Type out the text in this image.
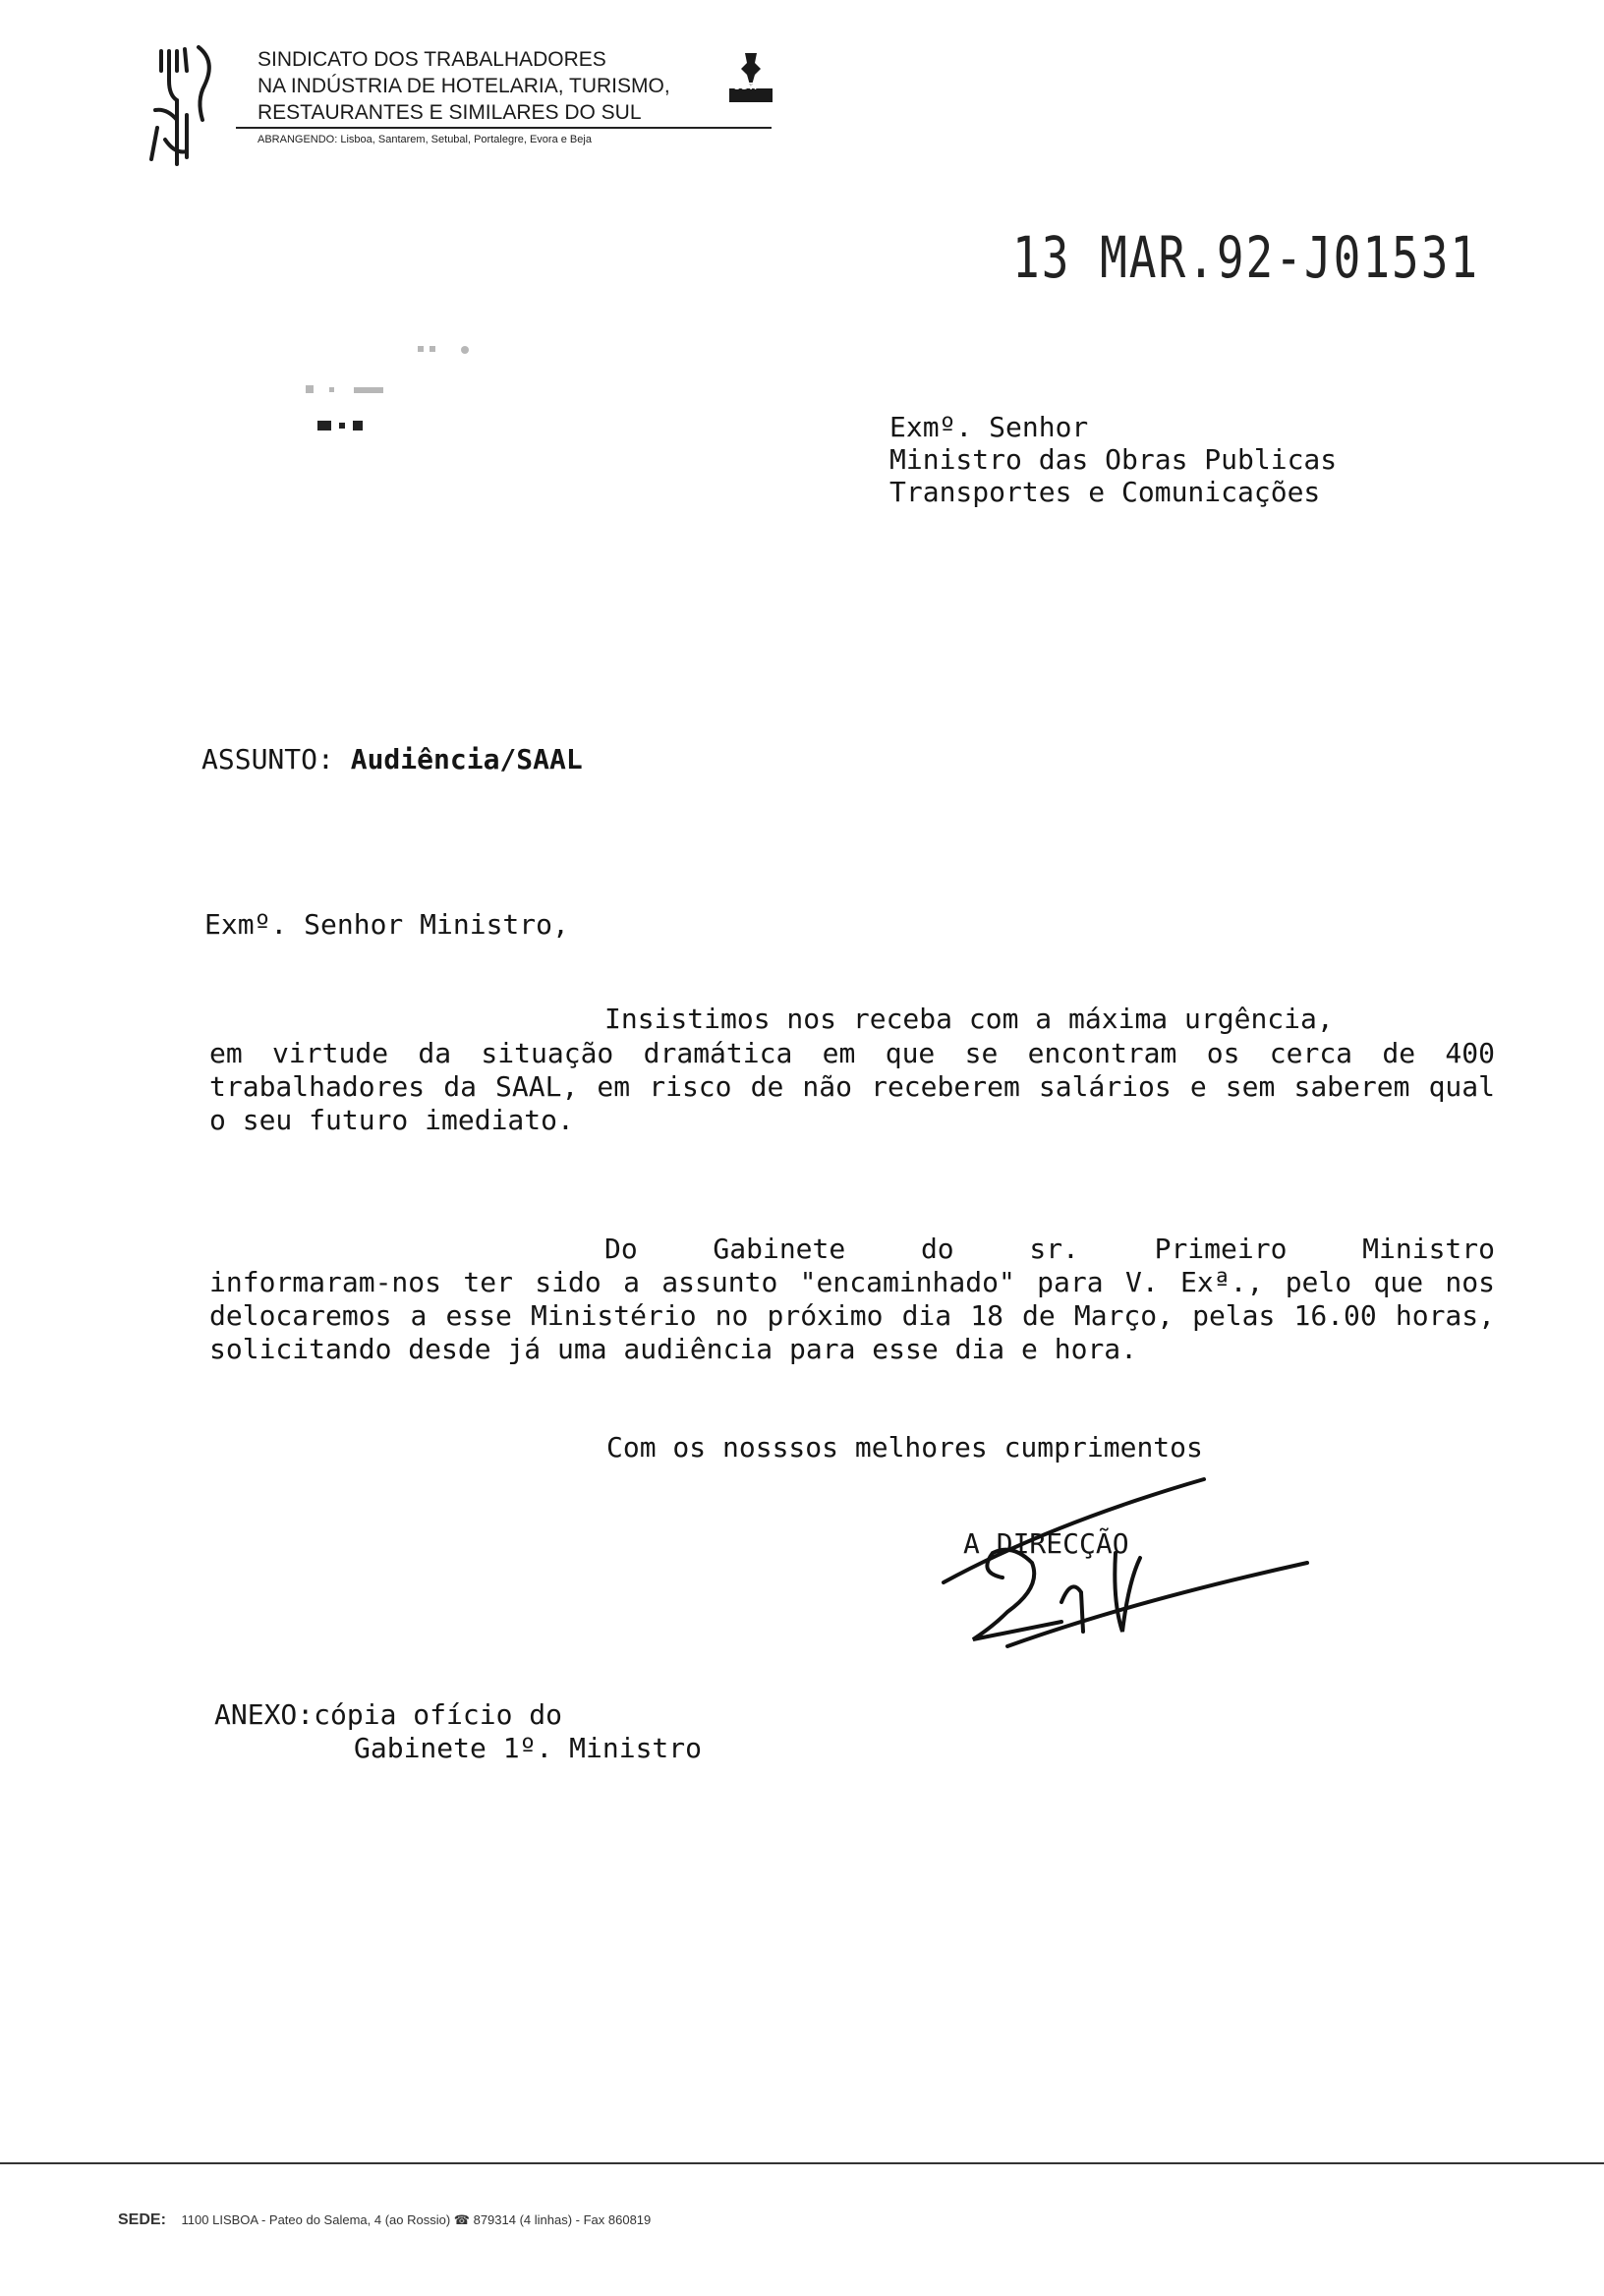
SINDICATO DOS TRABALHADORES
NA INDÚSTRIA DE HOTELARIA, TURISMO,
RESTAURANTES E SIMILARES DO SUL
ABRANGENDO: Lisboa, Santarem, Setubal, Portalegre, Evora e Beja
CGTP
13 MAR.92-J01531
Exmº. Senhor
Ministro das Obras Publicas
Transportes e Comunicações
ASSUNTO: Audiência/SAAL
Exmº. Senhor Ministro,
Insistimos nos receba com a máxima urgência,
em virtude da situação dramática em que se encontram os cerca de 400 trabalhadores da SAAL, em risco de não receberem salários e sem saberem qual o seu futuro imediato.
Do Gabinete do sr. Primeiro Ministro
informaram-nos ter sido a assunto "encaminhado" para V. Exª., pelo que nos delocaremos a esse Ministério no próximo dia 18 de Março, pelas 16.00 horas, solicitando desde já uma audiência para esse dia e hora.
Com os nosssos melhores cumprimentos
A DIRECÇÃO
ANEXO:cópia ofício do
Gabinete 1º. Ministro
SEDE: 1100 LISBOA - Pateo do Salema, 4 (ao Rossio) ☎ 879314 (4 linhas) - Fax 860819
